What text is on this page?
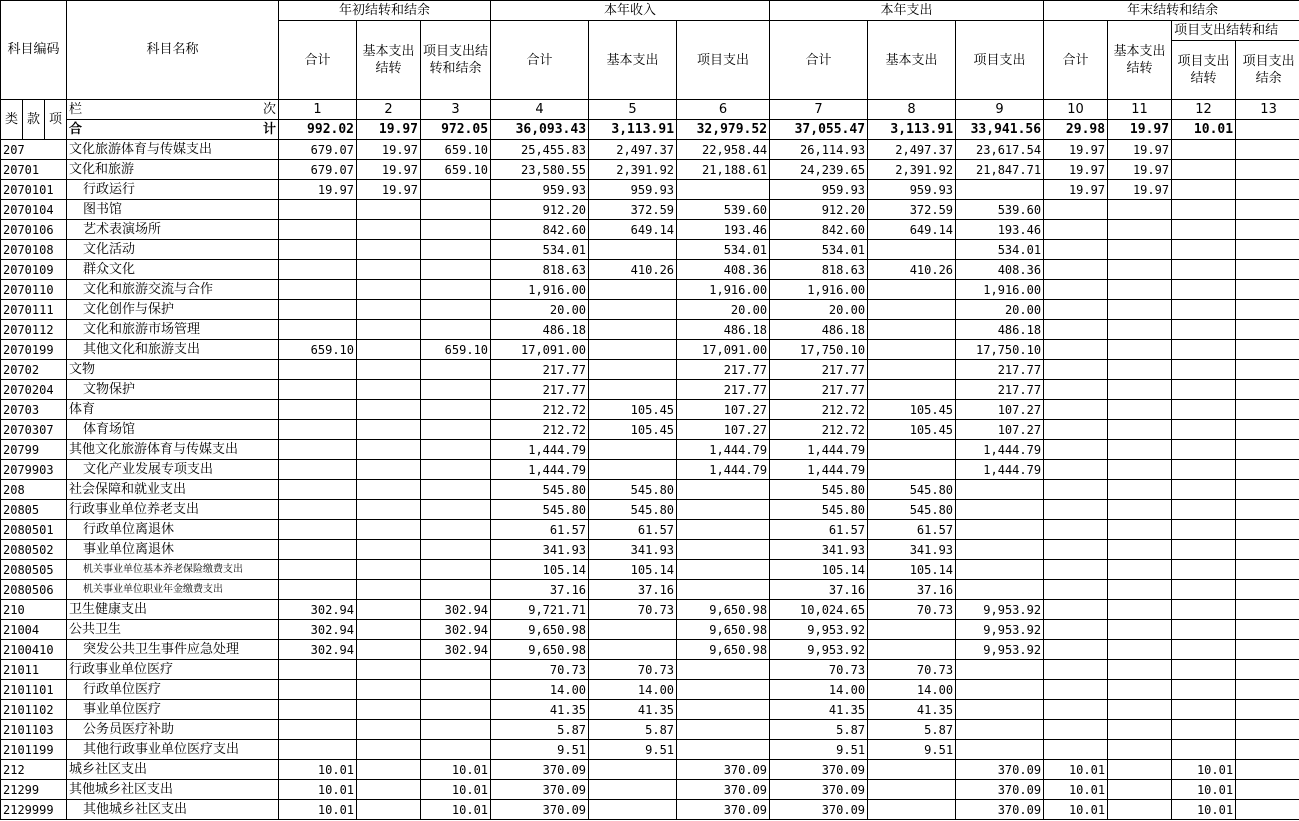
科目编码			科目名称	年初结转和结余			本年收入			本年支出			年末结转和结余			
				合计	基本支出结转	项目支出结转和结余	合计	基本支出	项目支出	合计	基本支出	项目支出	合计	基本支出结转	项目支出结转和结	
															项目支出结转	项目支出结余
类	款	项	栏 次	1	2	3	4	5	6	7	8	9	10	11	12	13

			合 计	992.02	19.97	972.05	36,093.43	3,113.91	32,979.52	37,055.47	3,113.91	33,941.56	29.98	19.97	10.01	
207			文化旅游体育与传媒支出	679.07	19.97	659.10	25,455.83	2,497.37	22,958.44	26,114.93	2,497.37	23,617.54	19.97	19.97		
20701			文化和旅游	679.07	19.97	659.10	23,580.55	2,391.92	21,188.61	24,239.65	2,391.92	21,847.71	19.97	19.97		
2070101			行政运行	19.97	19.97		959.93	959.93		959.93	959.93		19.97	19.97		
2070104			图书馆				912.20	372.59	539.60	912.20	372.59	539.60				
2070106			艺术表演场所				842.60	649.14	193.46	842.60	649.14	193.46				
2070108			文化活动				534.01		534.01	534.01		534.01				
2070109			群众文化				818.63	410.26	408.36	818.63	410.26	408.36				
2070110			文化和旅游交流与合作				1,916.00		1,916.00	1,916.00		1,916.00				
2070111			文化创作与保护				20.00		20.00	20.00		20.00				
2070112			文化和旅游市场管理				486.18		486.18	486.18		486.18				
2070199			其他文化和旅游支出	659.10		659.10	17,091.00		17,091.00	17,750.10		17,750.10				
20702			文物				217.77		217.77	217.77		217.77				
2070204			文物保护				217.77		217.77	217.77		217.77				
20703			体育				212.72	105.45	107.27	212.72	105.45	107.27				
2070307			体育场馆				212.72	105.45	107.27	212.72	105.45	107.27				
20799			其他文化旅游体育与传媒支出				1,444.79		1,444.79	1,444.79		1,444.79				
2079903			文化产业发展专项支出				1,444.79		1,444.79	1,444.79		1,444.79				
208			社会保障和就业支出				545.80	545.80		545.80	545.80					
20805			行政事业单位养老支出				545.80	545.80		545.80	545.80					
2080501			行政单位离退休				61.57	61.57		61.57	61.57					
2080502			事业单位离退休				341.93	341.93		341.93	341.93					
2080505			机关事业单位基本养老保险缴费支出				105.14	105.14		105.14	105.14					
2080506			机关事业单位职业年金缴费支出				37.16	37.16		37.16	37.16					
210			卫生健康支出	302.94		302.94	9,721.71	70.73	9,650.98	10,024.65	70.73	9,953.92				
21004			公共卫生	302.94		302.94	9,650.98		9,650.98	9,953.92		9,953.92				
2100410			突发公共卫生事件应急处理	302.94		302.94	9,650.98		9,650.98	9,953.92		9,953.92				
21011			行政事业单位医疗				70.73	70.73		70.73	70.73					
2101101			行政单位医疗				14.00	14.00		14.00	14.00					
2101102			事业单位医疗				41.35	41.35		41.35	41.35					
2101103			公务员医疗补助				5.87	5.87		5.87	5.87					
2101199			其他行政事业单位医疗支出				9.51	9.51		9.51	9.51					
212			城乡社区支出	10.01		10.01	370.09		370.09	370.09		370.09	10.01		10.01	
21299			其他城乡社区支出	10.01		10.01	370.09		370.09	370.09		370.09	10.01		10.01	
2129999			其他城乡社区支出	10.01		10.01	370.09		370.09	370.09		370.09	10.01		10.01	
